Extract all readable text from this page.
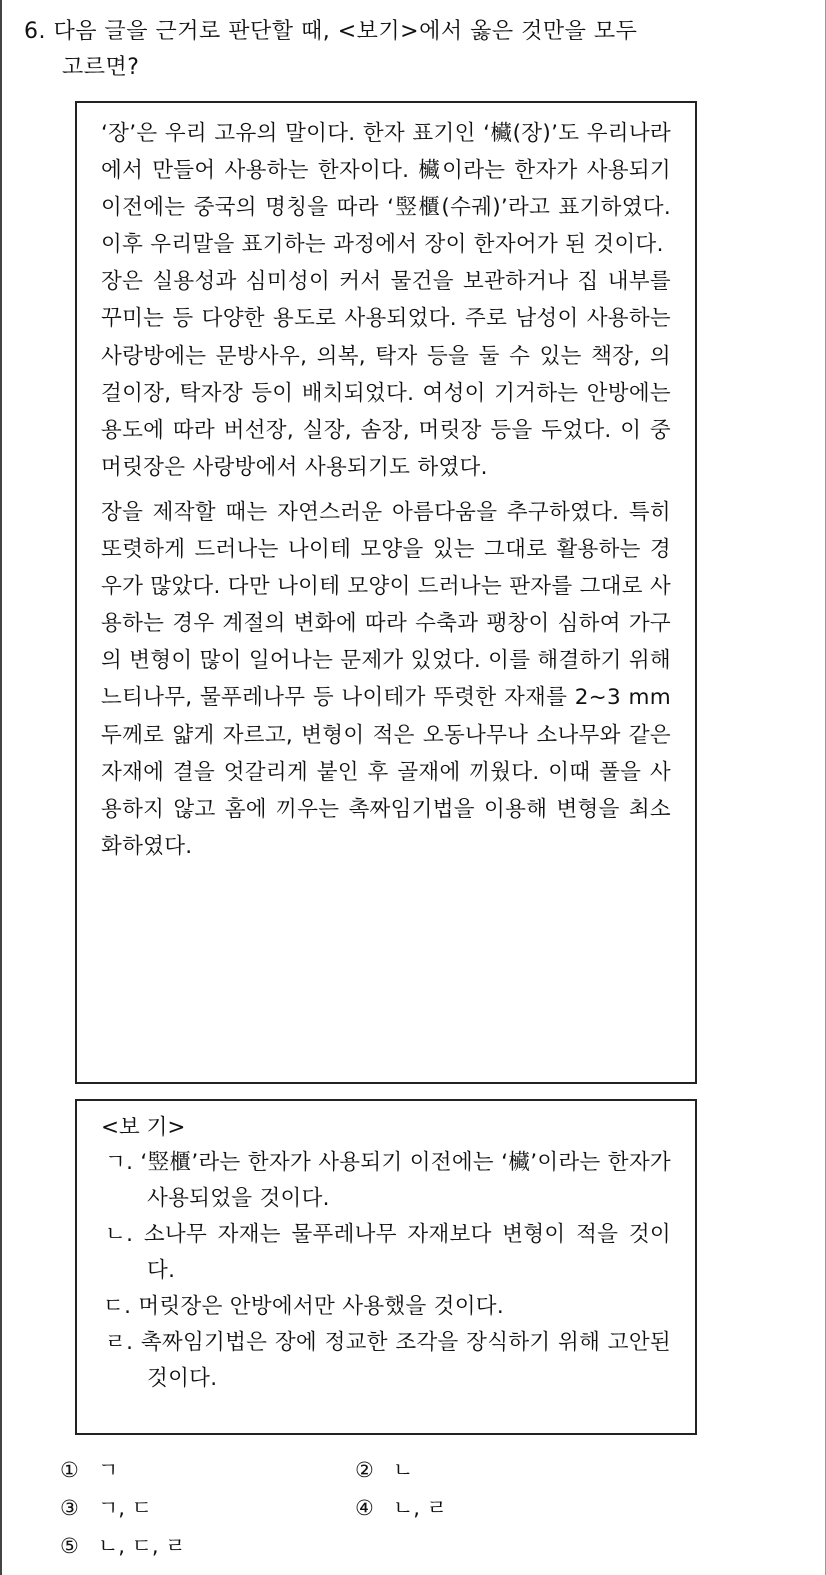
6. 다음 글을 근거로 판단할 때, <보기>에서 옳은 것만을 모두
고르면?

‘장’은 우리 고유의 말이다. 한자 표기인 ‘欌(장)’도 우리나라에서 만들어 사용하는 한자이다. 欌이라는 한자가 사용되기 이전에는 중국의 명칭을 따라 ‘竪櫃(수궤)’라고 표기하였다. 이후 우리말을 표기하는 과정에서 장이 한자어가 된 것이다.

장은 실용성과 심미성이 커서 물건을 보관하거나 집 내부를 꾸미는 등 다양한 용도로 사용되었다. 주로 남성이 사용하는 사랑방에는 문방사우, 의복, 탁자 등을 둘 수 있는 책장, 의걸이장, 탁자장 등이 배치되었다. 여성이 기거하는 안방에는 용도에 따라 버선장, 실장, 솜장, 머릿장 등을 두었다. 이 중 머릿장은 사랑방에서 사용되기도 하였다.

장을 제작할 때는 자연스러운 아름다움을 추구하였다. 특히 또렷하게 드러나는 나이테 모양을 있는 그대로 활용하는 경우가 많았다. 다만 나이테 모양이 드러나는 판자를 그대로 사용하는 경우 계절의 변화에 따라 수축과 팽창이 심하여 가구의 변형이 많이 일어나는 문제가 있었다. 이를 해결하기 위해 느티나무, 물푸레나무 등 나이테가 뚜렷한 자재를 2~3 mm 두께로 얇게 자르고, 변형이 적은 오동나무나 소나무와 같은 자재에 결을 엇갈리게 붙인 후 골재에 끼웠다. 이때 풀을 사용하지 않고 홈에 끼우는 촉짜임기법을 이용해 변형을 최소화하였다.

<보 기>
ㄱ. ‘竪櫃’라는 한자가 사용되기 이전에는 ‘欌’이라는 한자가 사용되었을 것이다.
ㄴ. 소나무 자재는 물푸레나무 자재보다 변형이 적을 것이다.
ㄷ. 머릿장은 안방에서만 사용했을 것이다.
ㄹ. 촉짜임기법은 장에 정교한 조각을 장식하기 위해 고안된 것이다.
① ㄱ	② ㄴ
③ ㄱ, ㄷ	④ ㄴ, ㄹ
⑤ ㄴ, ㄷ, ㄹ
